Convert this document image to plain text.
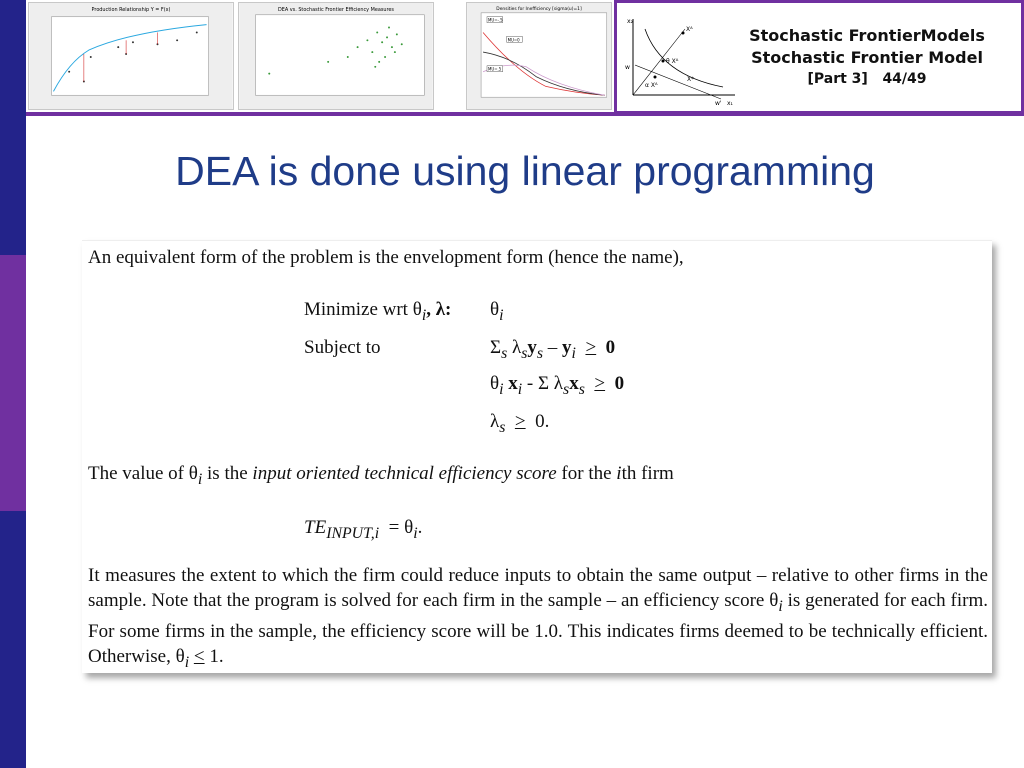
Production Relationship Y = F(x)	DEA vs. Stochastic Frontier Efficiency Measures	Densities for Inefficiency [sigma(u)=1]
MU=-.5
MU=0
MU=.5
x₂
x₁
Xᴬ
X*
θ Xᴬ
α Xᴬ
w
w'
Stochastic FrontierModels
Stochastic Frontier Model
[Part 3] 44/49
DEA is done using linear programming
An equivalent form of the problem is the envelopment form (hence the name),
Minimize wrt $\theta_i$, λ: $\theta_i$
Subject to	$\Sigma_s$ $\lambda_sy_s - y_i > 0$
$\theta_i$ $x_i$ - Σ $\lambda_sx_s > 0$
$\lambda_s > 0$.
The value of $\theta_i$ is the input oriented technical efficiency score for the ith firm
$TE_{INPUT,i} = \theta_i$.
It measures the extent to which the firm could reduce inputs to obtain the same output – relative to other firms in the sample. Note that the program is solved for each firm in the sample – an efficiency score $\theta_i$ is generated for each firm. For some firms in the sample, the efficiency score will be 1.0. This indicates firms deemed to be technically efficient. Otherwise, $\theta_i < 1$.
